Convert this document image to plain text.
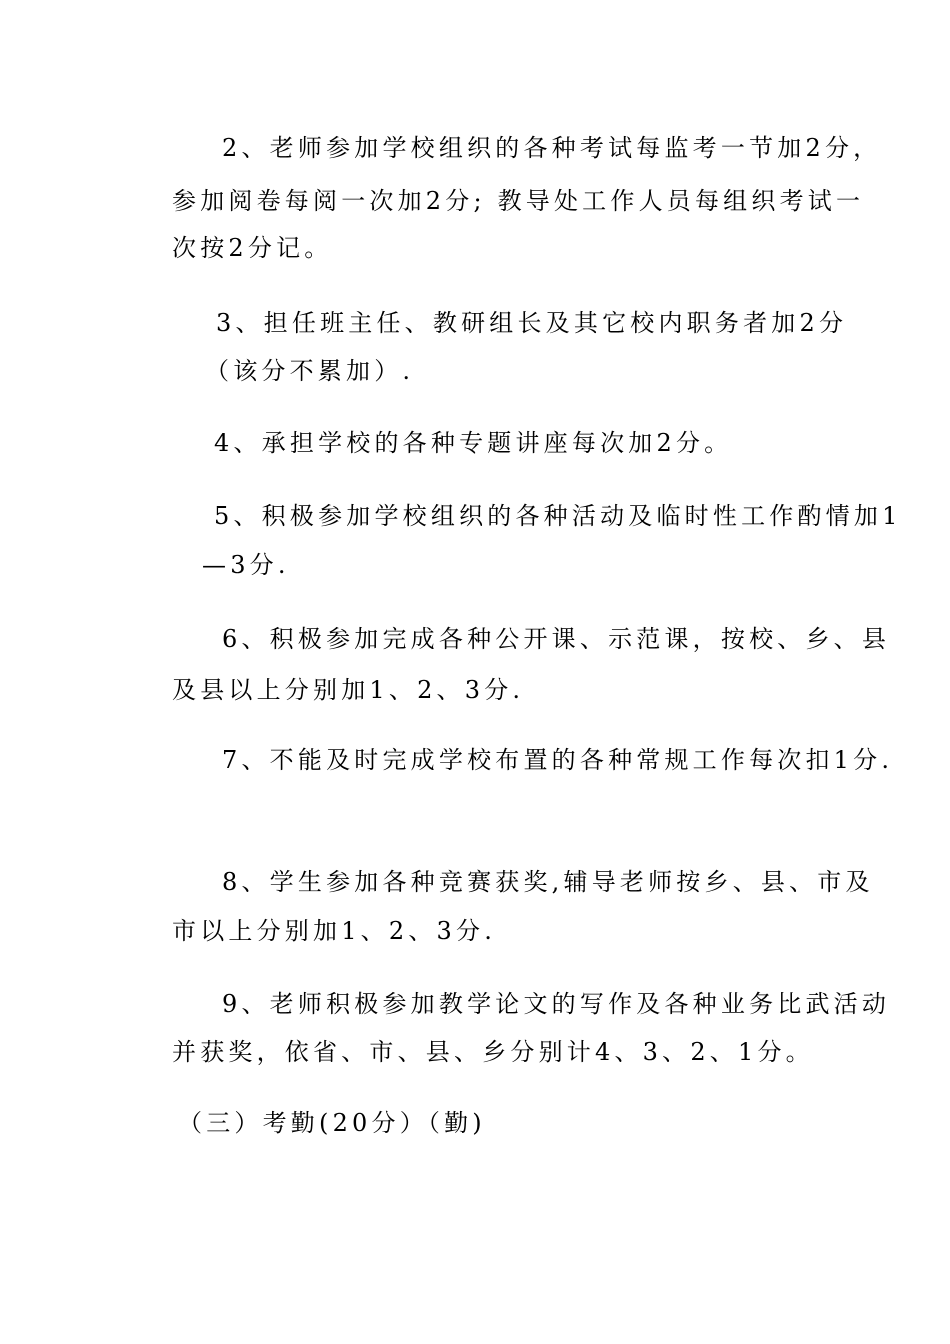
2、老师参加学校组织的各种考试每监考一节加2分，
参加阅卷每阅一次加2分; 教导处工作人员每组织考试一
次按2分记。
3、担任班主任、教研组长及其它校内职务者加2分
（该分不累加）.
4、承担学校的各种专题讲座每次加2分。
5、积极参加学校组织的各种活动及临时性工作酌情加1
—3分.
6、积极参加完成各种公开课、示范课，按校、乡、县
及县以上分别加1、2、3分.
7、不能及时完成学校布置的各种常规工作每次扣1分.
8、学生参加各种竞赛获奖,辅导老师按乡、县、市及
市以上分别加1、2、3分.
9、老师积极参加教学论文的写作及各种业务比武活动
并获奖，依省、市、县、乡分别计4、3、2、1分。
（三）考勤(20分）（勤)
